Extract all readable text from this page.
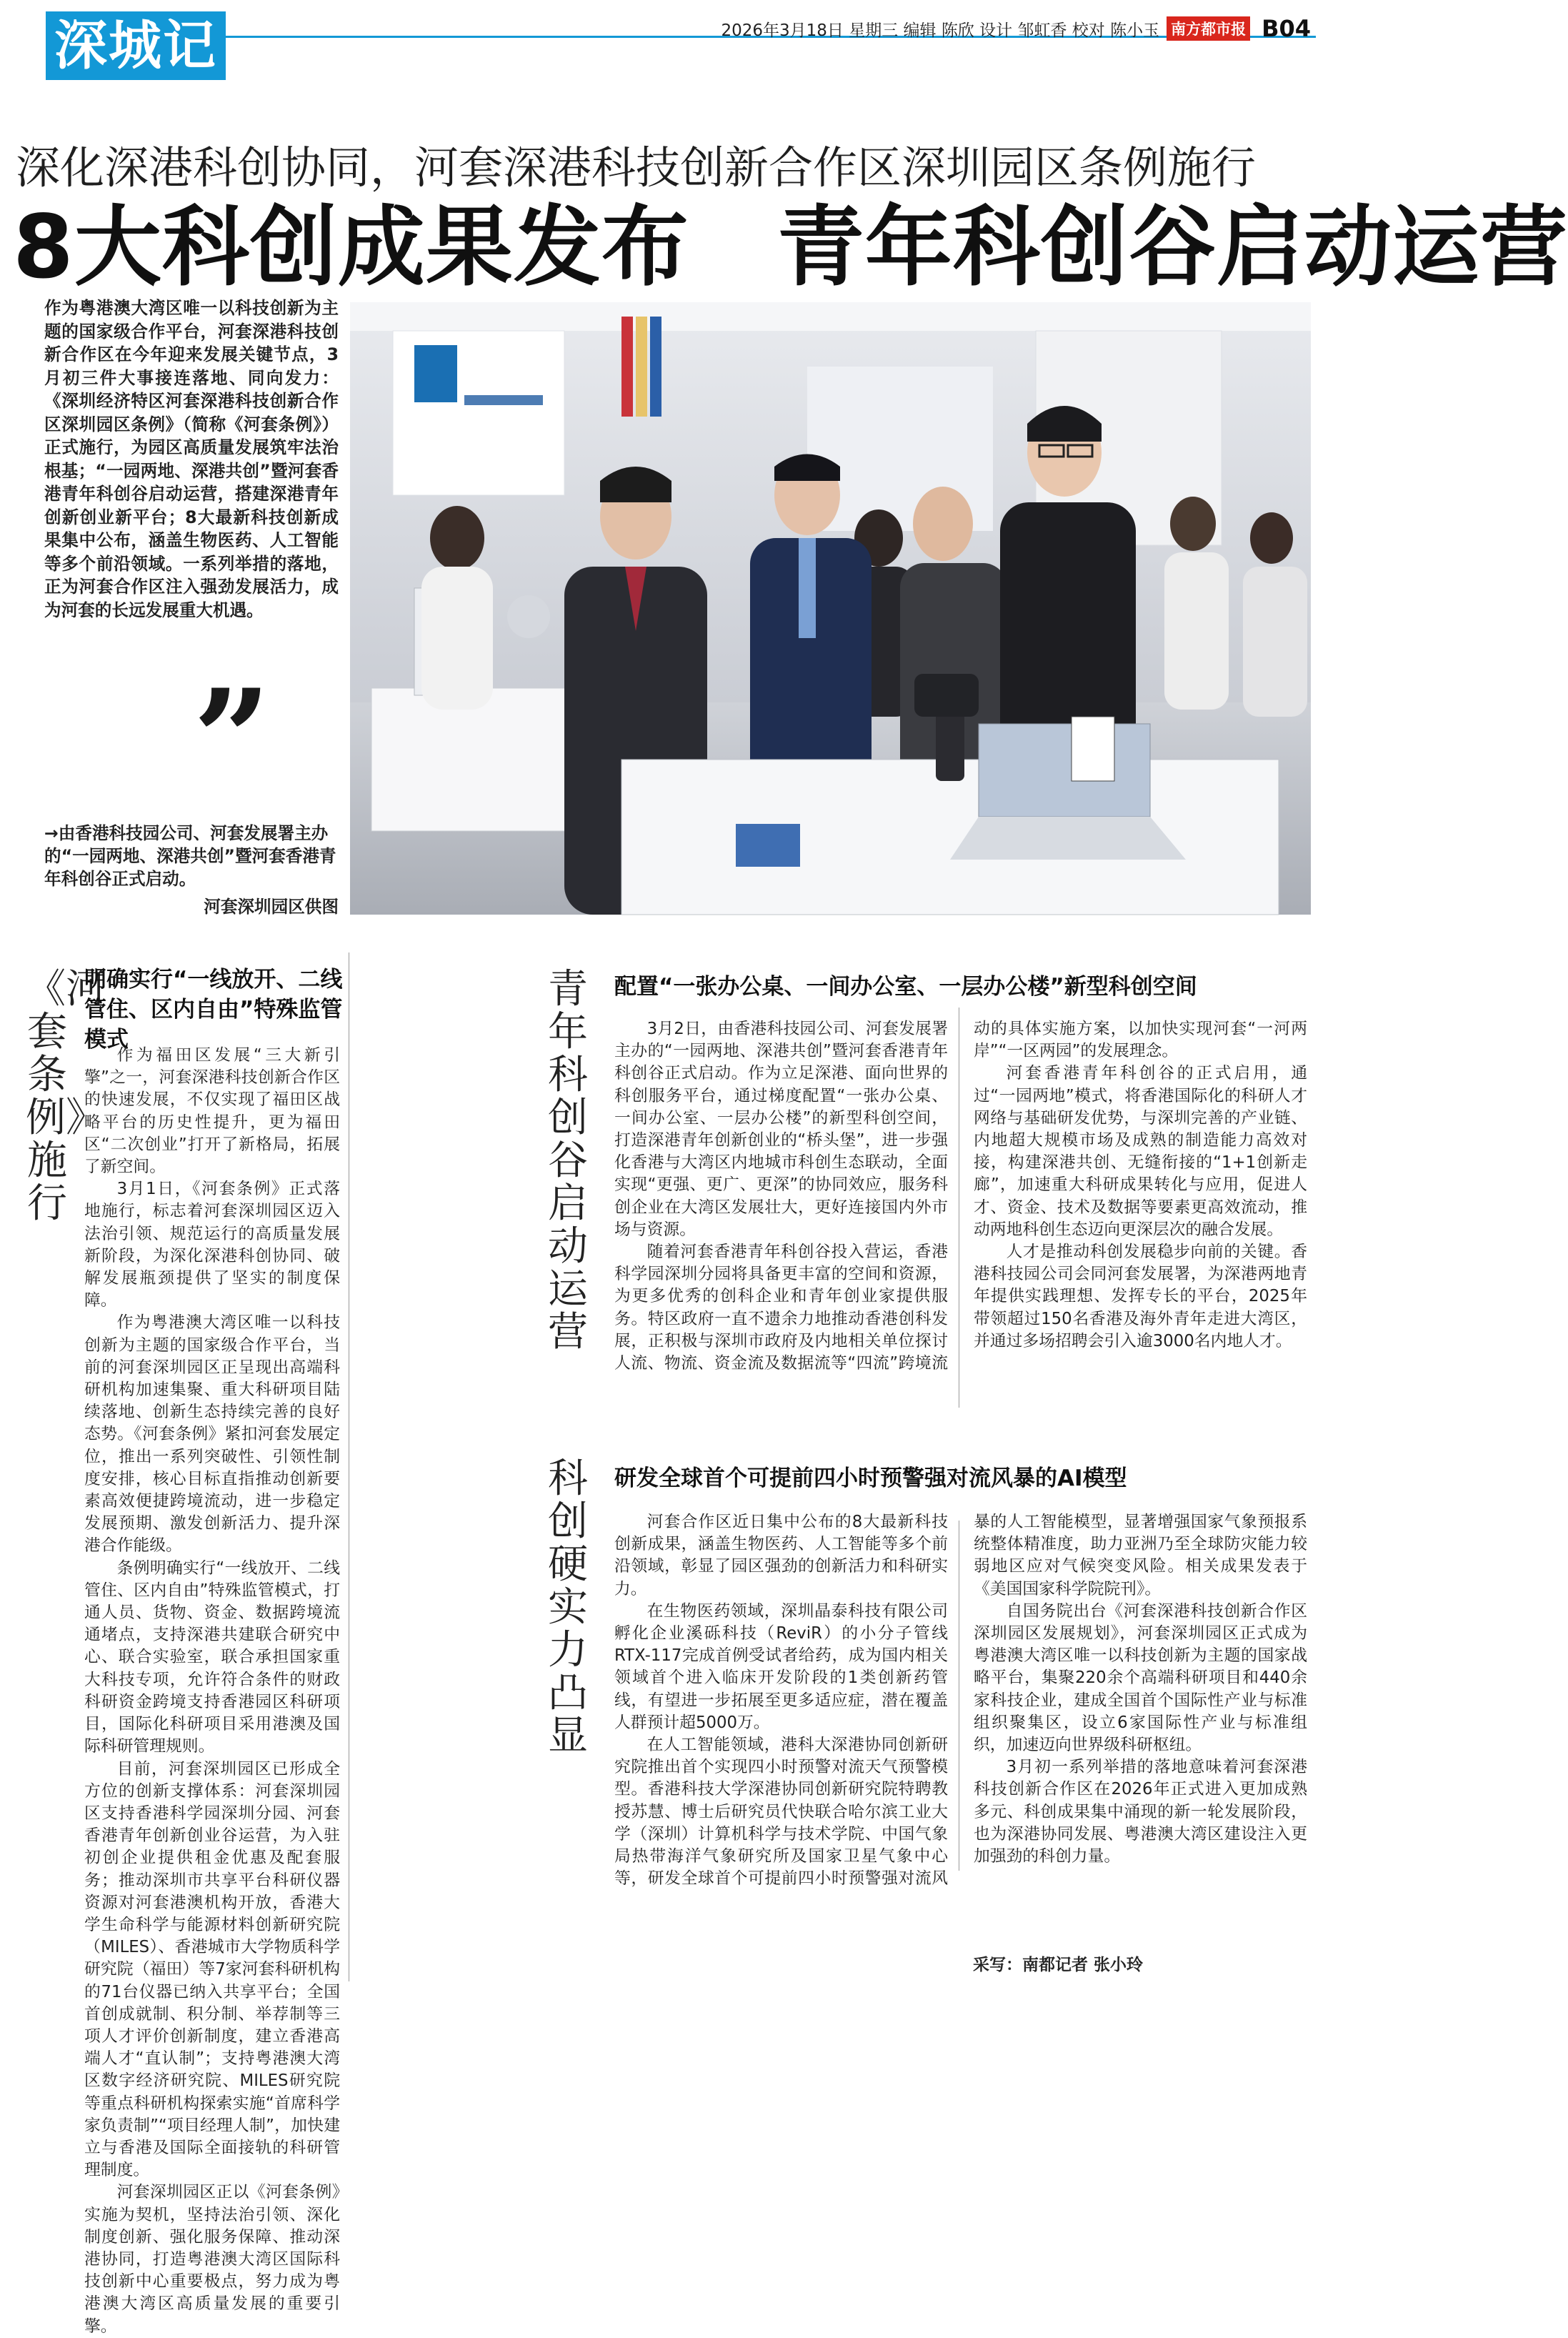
深城记	2026年3月18日 星期三 编辑 陈欣 设计 邹虹香 校对 陈小玉 南方都市报 B04
深化深港科创协同，河套深港科技创新合作区深圳园区条例施行
8大科创成果发布　青年科创谷启动运营
作为粤港澳大湾区唯一以科技创新为主题的国家级合作平台，河套深港科技创新合作区在今年迎来发展关键节点，3月初三件大事接连落地、同向发力：《深圳经济特区河套深港科技创新合作区深圳园区条例》（简称《河套条例》）正式施行，为园区高质量发展筑牢法治根基；“一园两地、深港共创”暨河套香港青年科创谷启动运营，搭建深港青年创新创业新平台；8大最新科技创新成果集中公布，涵盖生物医药、人工智能等多个前沿领域。一系列举措的落地，正为河套合作区注入强劲发展活力，成为河套的长远发展重大机遇。
”
→由香港科技园公司、河套发展署主办的“一园两地、深港共创”暨河套香港青年科创谷正式启动。
河套深圳园区供图
《河套条例》施行
明确实行“一线放开、二线管住、区内自由”特殊监管模式

作为福田区发展“三大新引擎”之一，河套深港科技创新合作区的快速发展，不仅实现了福田区战略平台的历史性提升，更为福田区“二次创业”打开了新格局，拓展了新空间。

3月1日，《河套条例》正式落地施行，标志着河套深圳园区迈入法治引领、规范运行的高质量发展新阶段，为深化深港科创协同、破解发展瓶颈提供了坚实的制度保障。

作为粤港澳大湾区唯一以科技创新为主题的国家级合作平台，当前的河套深圳园区正呈现出高端科研机构加速集聚、重大科研项目陆续落地、创新生态持续完善的良好态势。《河套条例》紧扣河套发展定位，推出一系列突破性、引领性制度安排，核心目标直指推动创新要素高效便捷跨境流动，进一步稳定发展预期、激发创新活力、提升深港合作能级。

条例明确实行“一线放开、二线管住、区内自由”特殊监管模式，打通人员、货物、资金、数据跨境流通堵点，支持深港共建联合研究中心、联合实验室，联合承担国家重大科技专项，允许符合条件的财政科研资金跨境支持香港园区科研项目，国际化科研项目采用港澳及国际科研管理规则。

目前，河套深圳园区已形成全方位的创新支撑体系：河套深圳园区支持香港科学园深圳分园、河套香港青年创新创业谷运营，为入驻初创企业提供租金优惠及配套服务；推动深圳市共享平台科研仪器资源对河套港澳机构开放，香港大学生命科学与能源材料创新研究院（MILES）、香港城市大学物质科学研究院（福田）等7家河套科研机构的71台仪器已纳入共享平台；全国首创成就制、积分制、举荐制等三项人才评价创新制度，建立香港高端人才“直认制”；支持粤港澳大湾区数字经济研究院、MILES研究院等重点科研机构探索实施“首席科学家负责制”“项目经理人制”，加快建立与香港及国际全面接轨的科研管理制度。

河套深圳园区正以《河套条例》实施为契机，坚持法治引领、深化制度创新、强化服务保障、推动深港协同，打造粤港澳大湾区国际科技创新中心重要极点，努力成为粤港澳大湾区高质量发展的重要引擎。

青年科创谷启动运营
配置“一张办公桌、一间办公室、一层办公楼”新型科创空间

3月2日，由香港科技园公司、河套发展署主办的“一园两地、深港共创”暨河套香港青年科创谷正式启动。作为立足深港、面向世界的科创服务平台，通过梯度配置“一张办公桌、一间办公室、一层办公楼”的新型科创空间，打造深港青年创新创业的“桥头堡”，进一步强化香港与大湾区内地城市科创生态联动，全面实现“更强、更广、更深”的协同效应，服务科创企业在大湾区发展壮大，更好连接国内外市场与资源。

随着河套香港青年科创谷投入营运，香港科学园深圳分园将具备更丰富的空间和资源，为更多优秀的创科企业和青年创业家提供服务。特区政府一直不遗余力地推动香港创科发展，正积极与深圳市政府及内地相关单位探讨人流、物流、资金流及数据流等“四流”跨境流动的具体实施方案，以加快实现河套“一河两岸”“一区两园”的发展理念。

河套香港青年科创谷的正式启用，通过“一园两地”模式，将香港国际化的科研人才网络与基础研发优势，与深圳完善的产业链、内地超大规模市场及成熟的制造能力高效对接，构建深港共创、无缝衔接的“1+1创新走廊”，加速重大科研成果转化与应用，促进人才、资金、技术及数据等要素更高效流动，推动两地科创生态迈向更深层次的融合发展。

人才是推动科创发展稳步向前的关键。香港科技园公司会同河套发展署，为深港两地青年提供实践理想、发挥专长的平台，2025年带领超过150名香港及海外青年走进大湾区，并通过多场招聘会引入逾3000名内地人才。

科创硬实力凸显
研发全球首个可提前四小时预警强对流风暴的AI模型

河套合作区近日集中公布的8大最新科技创新成果，涵盖生物医药、人工智能等多个前沿领域，彰显了园区强劲的创新活力和科研实力。

在生物医药领域，深圳晶泰科技有限公司孵化企业溪砾科技（ReviR）的小分子管线RTX-117完成首例受试者给药，成为国内相关领域首个进入临床开发阶段的1类创新药管线，有望进一步拓展至更多适应症，潜在覆盖人群预计超5000万。

在人工智能领域，港科大深港协同创新研究院推出首个实现四小时预警对流天气预警模型。香港科技大学深港协同创新研究院特聘教授苏慧、博士后研究员代快联合哈尔滨工业大学（深圳）计算机科学与技术学院、中国气象局热带海洋气象研究所及国家卫星气象中心等，研发全球首个可提前四小时预警强对流风暴的人工智能模型，显著增强国家气象预报系统整体精准度，助力亚洲乃至全球防灾能力较弱地区应对气候突变风险。相关成果发表于《美国国家科学院院刊》。

自国务院出台《河套深港科技创新合作区深圳园区发展规划》，河套深圳园区正式成为粤港澳大湾区唯一以科技创新为主题的国家战略平台，集聚220余个高端科研项目和440余家科技企业，建成全国首个国际性产业与标准组织聚集区，设立6家国际性产业与标准组织，加速迈向世界级科研枢纽。

3月初一系列举措的落地意味着河套深港科技创新合作区在2026年正式进入更加成熟多元、科创成果集中涌现的新一轮发展阶段，也为深港协同发展、粤港澳大湾区建设注入更加强劲的科创力量。

采写：南都记者 张小玲
